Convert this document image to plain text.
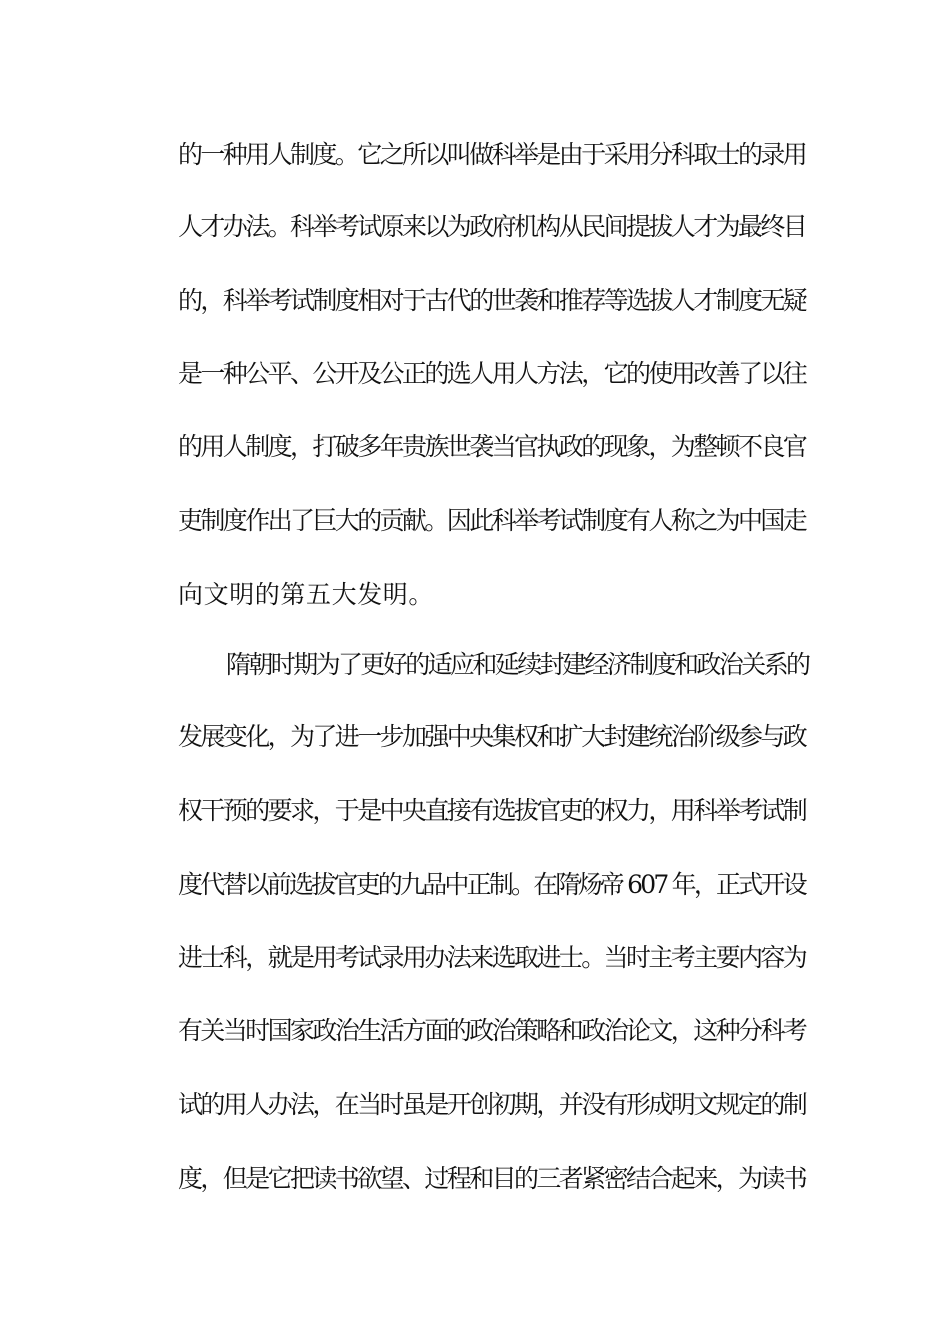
的一种用人制度。它之所以叫做科举是由于采用分科取士的录用
人才办法。科举考试原来以为政府机构从民间提拔人才为最终目
的，科举考试制度相对于古代的世袭和推荐等选拔人才制度无疑
是一种公平、公开及公正的选人用人方法，它的使用改善了以往
的用人制度，打破多年贵族世袭当官执政的现象，为整顿不良官
吏制度作出了巨大的贡献。因此科举考试制度有人称之为中国走
向文明的第五大发明。
隋朝时期为了更好的适应和延续封建经济制度和政治关系的
发展变化，为了进一步加强中央集权和扩大封建统治阶级参与政
权干预的要求，于是中央直接有选拔官吏的权力，用科举考试制
度代替以前选拔官吏的九品中正制。在隋炀帝 607 年，正式开设
进士科，就是用考试录用办法来选取进士。当时主考主要内容为
有关当时国家政治生活方面的政治策略和政治论文，这种分科考
试的用人办法，在当时虽是开创初期，并没有形成明文规定的制
度，但是它把读书欲望、过程和目的三者紧密结合起来，为读书
